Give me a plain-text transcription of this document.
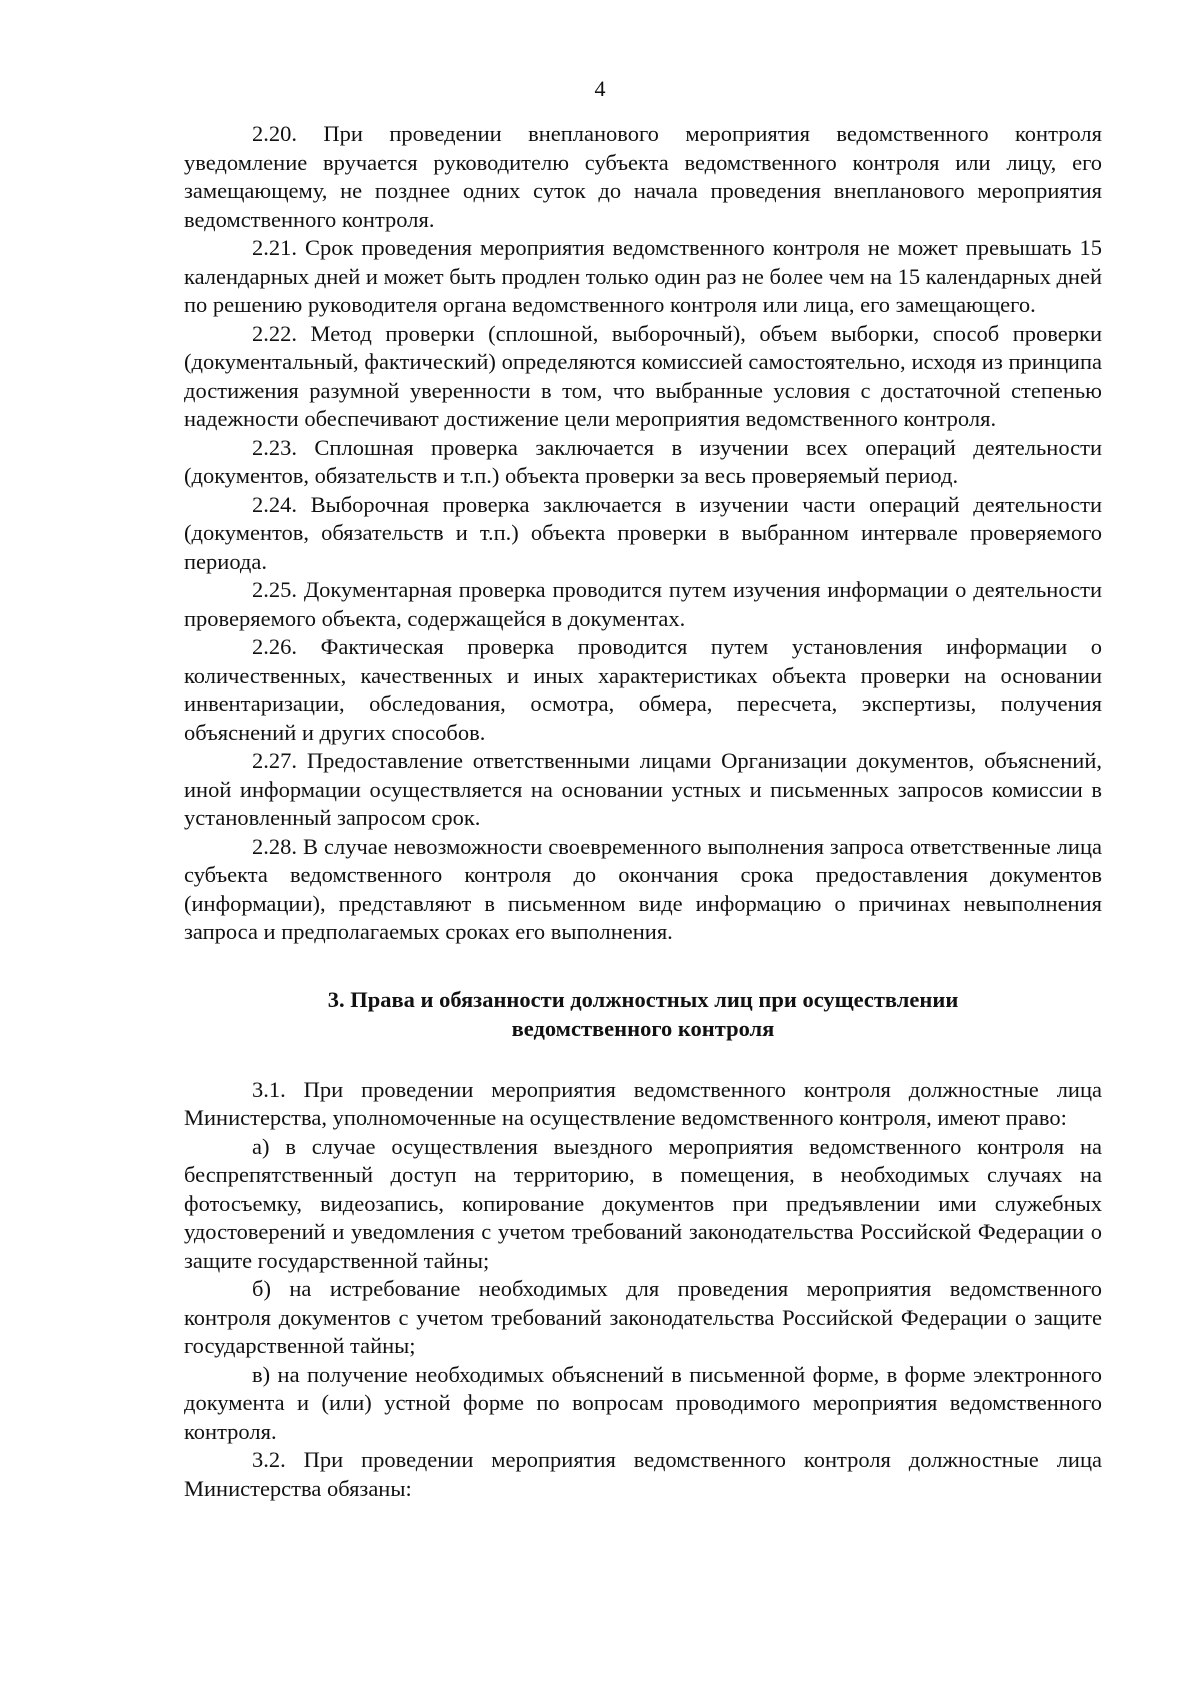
4

2.20. При проведении внепланового мероприятия ведомственного контроля уведомление вручается руководителю субъекта ведомственного контроля или лицу, его замещающему, не позднее одних суток до начала проведения внепланового мероприятия ведомственного контроля.

2.21. Срок проведения мероприятия ведомственного контроля не может превышать 15 календарных дней и может быть продлен только один раз не более чем на 15 календарных дней по решению руководителя органа ведомственного контроля или лица, его замещающего.

2.22. Метод проверки (сплошной, выборочный), объем выборки, способ проверки (документальный, фактический) определяются комиссией самостоятельно, исходя из принципа достижения разумной уверенности в том, что выбранные условия с достаточной степенью надежности обеспечивают достижение цели мероприятия ведомственного контроля.

2.23. Сплошная проверка заключается в изучении всех операций деятельности (документов, обязательств и т.п.) объекта проверки за весь проверяемый период.

2.24. Выборочная проверка заключается в изучении части операций деятельности (документов, обязательств и т.п.) объекта проверки в выбранном интервале проверяемого периода.

2.25. Документарная проверка проводится путем изучения информации о деятельности проверяемого объекта, содержащейся в документах.

2.26. Фактическая проверка проводится путем установления информации о количественных, качественных и иных характеристиках объекта проверки на основании инвентаризации, обследования, осмотра, обмера, пересчета, экспертизы, получения объяснений и других способов.

2.27. Предоставление ответственными лицами Организации документов, объяснений, иной информации осуществляется на основании устных и письменных запросов комиссии в установленный запросом срок.

2.28. В случае невозможности своевременного выполнения запроса ответственные лица субъекта ведомственного контроля до окончания срока предоставления документов (информации), представляют в письменном виде информацию о причинах невыполнения запроса и предполагаемых сроках его выполнения.

3. Права и обязанности должностных лиц при осуществлении
ведомственного контроля

3.1. При проведении мероприятия ведомственного контроля должностные лица Министерства, уполномоченные на осуществление ведомственного контроля, имеют право:

а) в случае осуществления выездного мероприятия ведомственного контроля на беспрепятственный доступ на территорию, в помещения, в необходимых случаях на фотосъемку, видеозапись, копирование документов при предъявлении ими служебных удостоверений и уведомления с учетом требований законодательства Российской Федерации о защите государственной тайны;

б) на истребование необходимых для проведения мероприятия ведомственного контроля документов с учетом требований законодательства Российской Федерации о защите государственной тайны;

в) на получение необходимых объяснений в письменной форме, в форме электронного документа и (или) устной форме по вопросам проводимого мероприятия ведомственного контроля.

3.2. При проведении мероприятия ведомственного контроля должностные лица Министерства обязаны:
